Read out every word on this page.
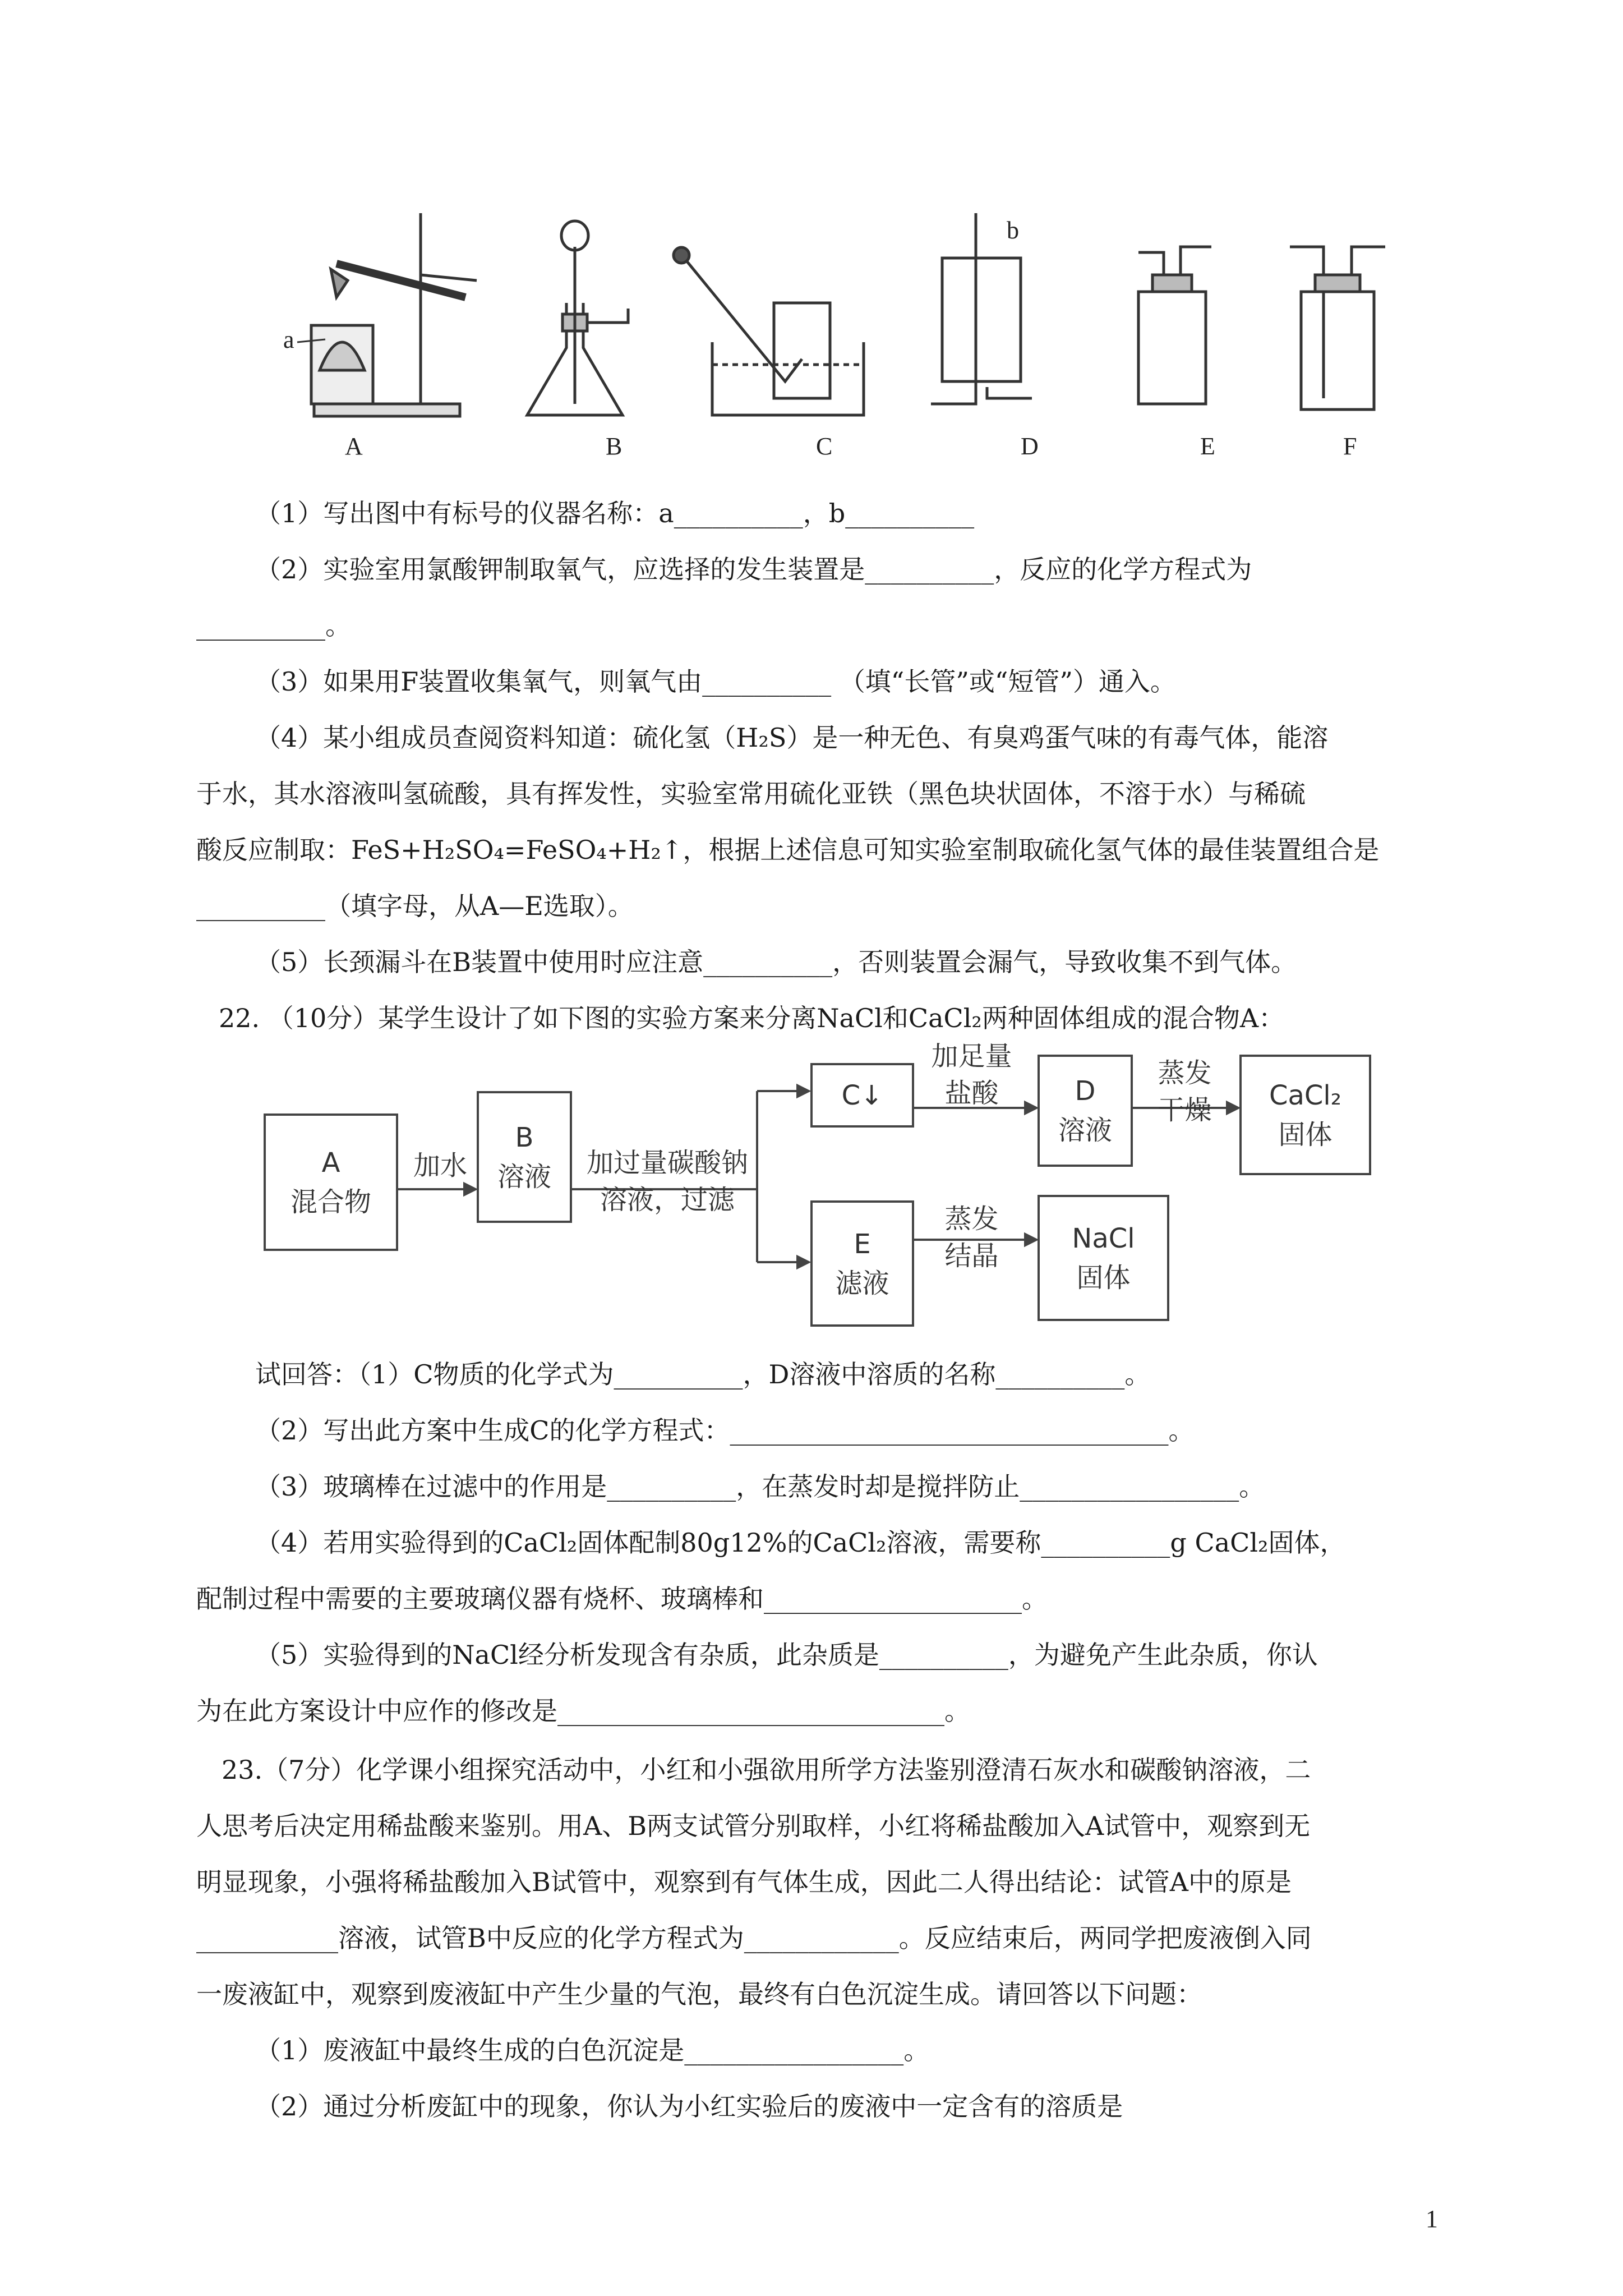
a
b
A	B	C	D	E	F
（1）写出图中有标号的仪器名称：a__________，b__________
（2）实验室用氯酸钾制取氧气，应选择的发生装置是__________，反应的化学方程式为
__________。
（3）如果用F装置收集氧气，则氧气由__________ （填“长管”或“短管”）通入。
（4）某小组成员查阅资料知道：硫化氢（H₂S）是一种无色、有臭鸡蛋气味的有毒气体，能溶
于水，其水溶液叫氢硫酸，具有挥发性，实验室常用硫化亚铁（黑色块状固体，不溶于水）与稀硫
酸反应制取：FeS+H₂SO₄=FeSO₄+H₂↑，根据上述信息可知实验室制取硫化氢气体的最佳装置组合是
__________（填字母，从A—E选取）。
（5）长颈漏斗在B装置中使用时应注意__________，否则装置会漏气，导致收集不到气体。
22. （10分）某学生设计了如下图的实验方案来分离NaCl和CaCl₂两种固体组成的混合物A：
A
混合物
加水
B
溶液	加过量碳酸钠
溶液，过滤
C↓
加足量
盐酸	D
溶液
蒸发
干燥	CaCl₂
固体
E
滤液
蒸发
结晶
NaCl
固体
试回答：（1）C物质的化学式为__________，D溶液中溶质的名称__________。
（2）写出此方案中生成C的化学方程式：__________________________________。
（3）玻璃棒在过滤中的作用是__________，在蒸发时却是搅拌防止_________________。
（4）若用实验得到的CaCl₂固体配制80g12%的CaCl₂溶液，需要称__________g CaCl₂固体，
配制过程中需要的主要玻璃仪器有烧杯、玻璃棒和____________________。
（5）实验得到的NaCl经分析发现含有杂质，此杂质是__________，为避免产生此杂质，你认
为在此方案设计中应作的修改是______________________________。
23.（7分）化学课小组探究活动中，小红和小强欲用所学方法鉴别澄清石灰水和碳酸钠溶液，二
人思考后决定用稀盐酸来鉴别。用A、B两支试管分别取样，小红将稀盐酸加入A试管中，观察到无
明显现象，小强将稀盐酸加入B试管中，观察到有气体生成，因此二人得出结论：试管A中的原是
___________溶液，试管B中反应的化学方程式为____________。反应结束后，两同学把废液倒入同
一废液缸中，观察到废液缸中产生少量的气泡，最终有白色沉淀生成。请回答以下问题：
（1）废液缸中最终生成的白色沉淀是_________________。
（2）通过分析废缸中的现象，你认为小红实验后的废液中一定含有的溶质是
1
